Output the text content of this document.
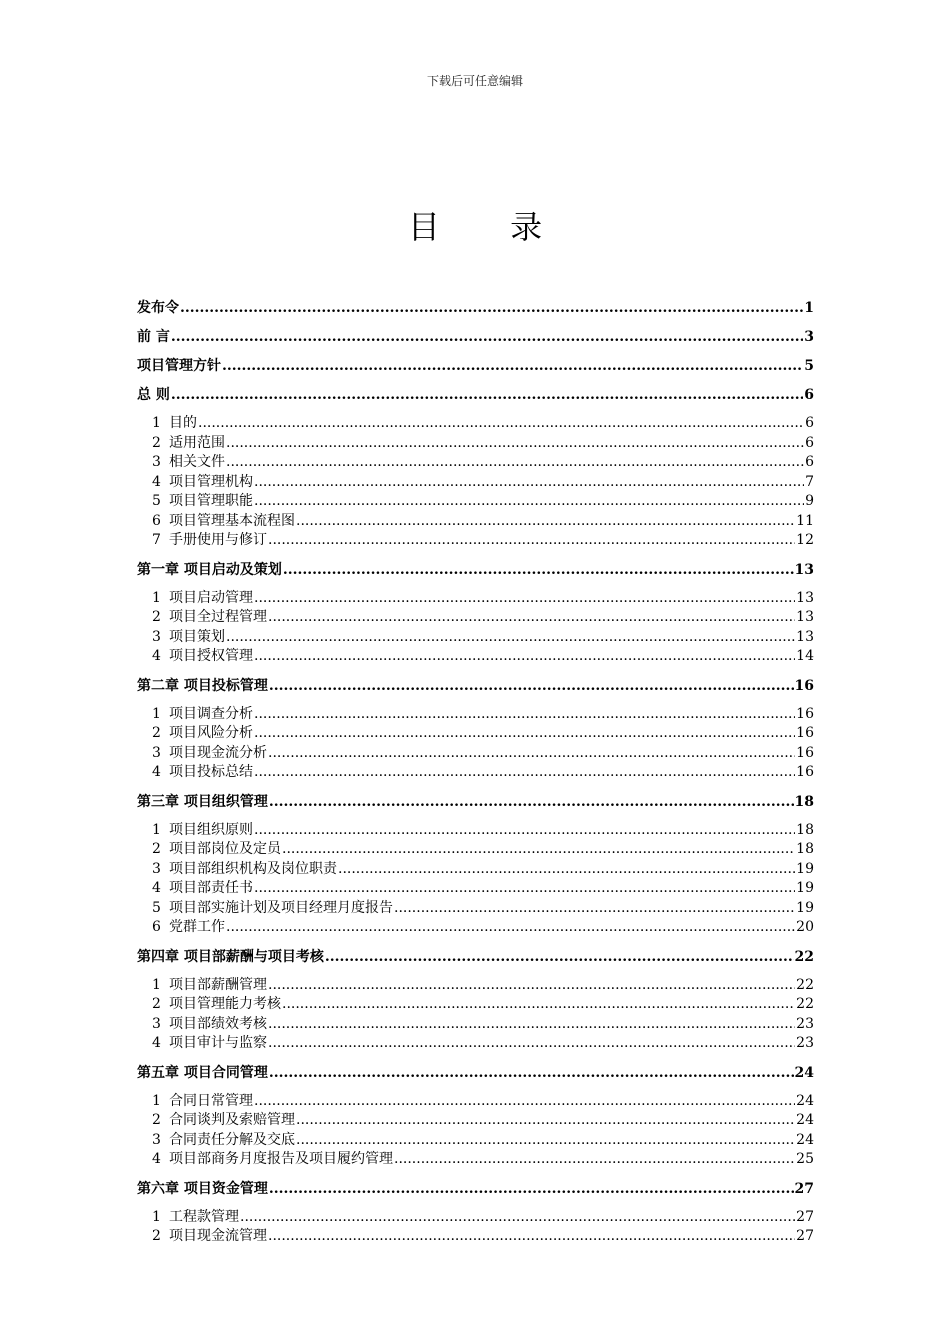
下载后可任意编辑
目 录
发布令 .....	1
前 言 .....	3
项目管理方针 .....	5
总 则 .....	6
1 目的 .....	6
2 适用范围 .....	6
3 相关文件 .....	6
4 项目管理机构 .....	7
5 项目管理职能 .....	9
6 项目管理基本流程图 .....	11
7 手册使用与修订 .....	12
第一章 项目启动及策划 .....	13
1 项目启动管理 .....	13
2 项目全过程管理 .....	13
3 项目策划 .....	13
4 项目授权管理 .....	14
第二章 项目投标管理 .....	16
1 项目调查分析 .....	16
2 项目风险分析 .....	16
3 项目现金流分析 .....	16
4 项目投标总结 .....	16
第三章 项目组织管理 .....	18
1 项目组织原则 .....	18
2 项目部岗位及定员 .....	18
3 项目部组织机构及岗位职责 .....	19
4 项目部责任书 .....	19
5 项目部实施计划及项目经理月度报告 .....	19
6 党群工作 .....	20
第四章 项目部薪酬与项目考核 .....	22
1 项目部薪酬管理 .....	22
2 项目管理能力考核 .....	22
3 项目部绩效考核 .....	23
4 项目审计与监察 .....	23
第五章 项目合同管理 .....	24
1 合同日常管理 .....	24
2 合同谈判及索赔管理 .....	24
3 合同责任分解及交底 .....	24
4 项目部商务月度报告及项目履约管理 .....	25
第六章 项目资金管理 .....	27
1 工程款管理 .....	27
2 项目现金流管理 .....	27
